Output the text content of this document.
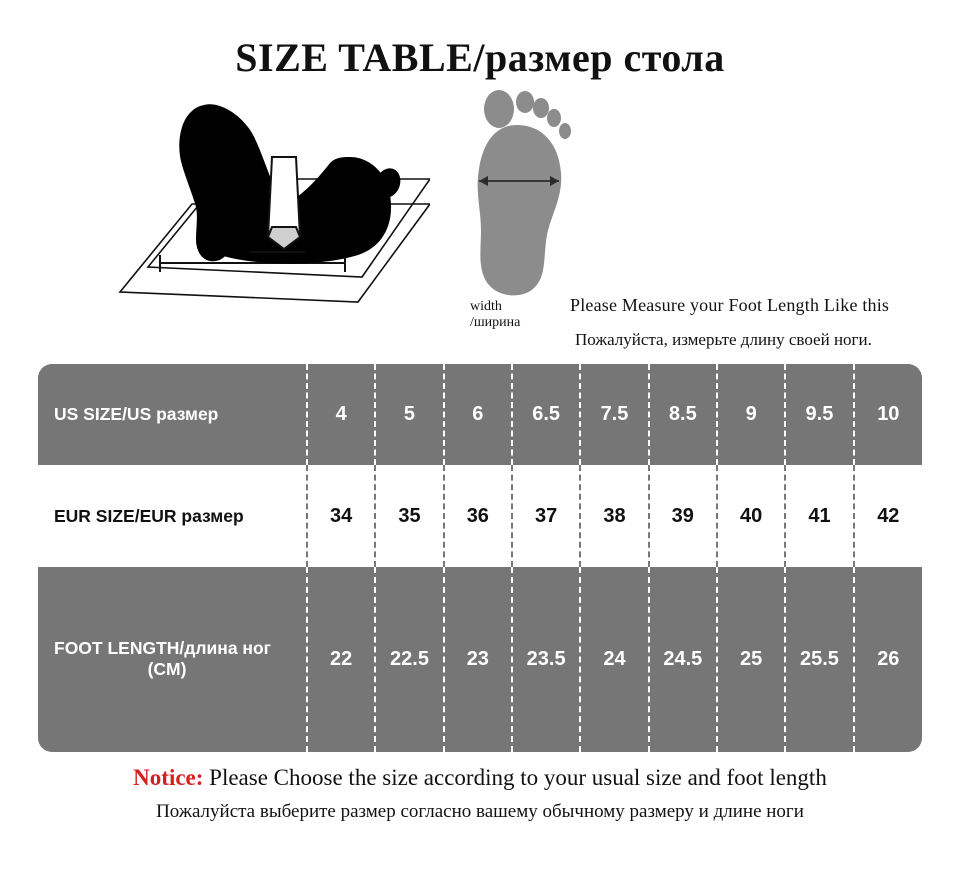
SIZE TABLE/размер стола
width
/ширина
Please Measure your Foot Length Like this
Пожалуйста, измерьте длину своей ноги.
US SIZE/US размер	4	5	6	6.5	7.5	8.5	9	9.5	10
EUR SIZE/EUR размер	34	35	36	37	38	39	40	41	42
FOOT LENGTH/длина ног
(CM)	22	22.5	23	23.5	24	24.5	25	25.5	26
Notice: Please Choose the size according to your usual size and foot length
Пожалуйста выберите размер согласно вашему обычному размеру и длине ноги
